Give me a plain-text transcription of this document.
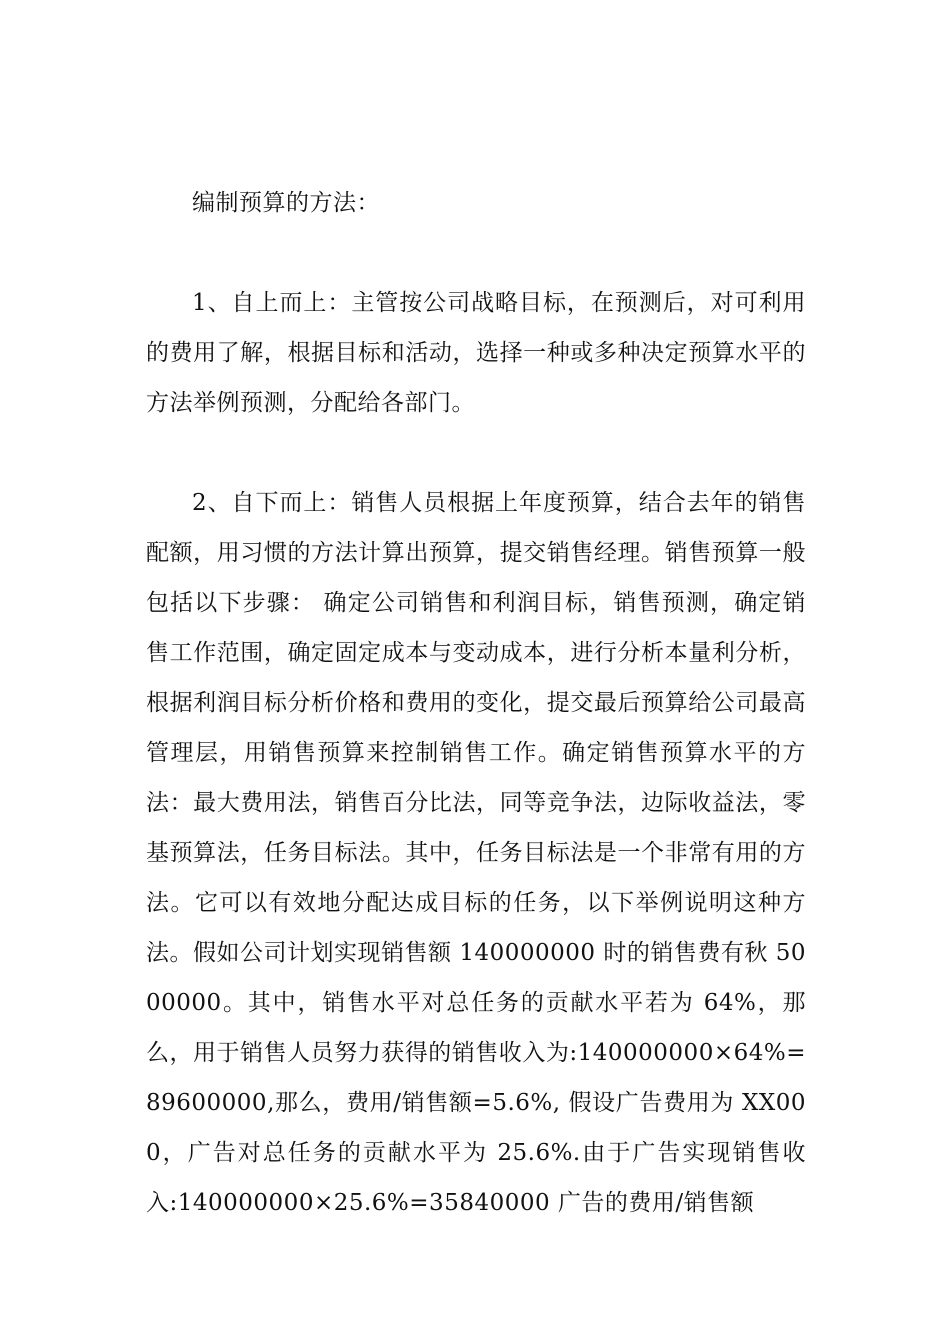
编制预算的方法：

1、自上而上：主管按公司战略目标，在预测后，对可利用的费用了解，根据目标和活动，选择一种或多种决定预算水平的方法举例预测，分配给各部门。

2、自下而上：销售人员根据上年度预算，结合去年的销售配额，用习惯的方法计算出预算，提交销售经理。销售预算一般包括以下步骤： 确定公司销售和利润目标，销售预测，确定销售工作范围，确定固定成本与变动成本，进行分析本量利分析，根据利润目标分析价格和费用的变化，提交最后预算给公司最高管理层，用销售预算来控制销售工作。确定销售预算水平的方法：最大费用法，销售百分比法，同等竞争法，边际收益法，零基预算法，任务目标法。其中，任务目标法是一个非常有用的方法。它可以有效地分配达成目标的任务，以下举例说明这种方法。假如公司计划实现销售额 140000000 时的销售费有秋 5000000。其中，销售水平对总任务的贡献水平若为 64%，那么，用于销售人员努力获得的销售收入为:140000000×64%=89600000,那么，费用/销售额=5.6%, 假设广告费用为 XX000，广告对总任务的贡献水平为 25.6%.由于广告实现销售收 入:140000000×25.6%=35840000 广告的费用/销售额
